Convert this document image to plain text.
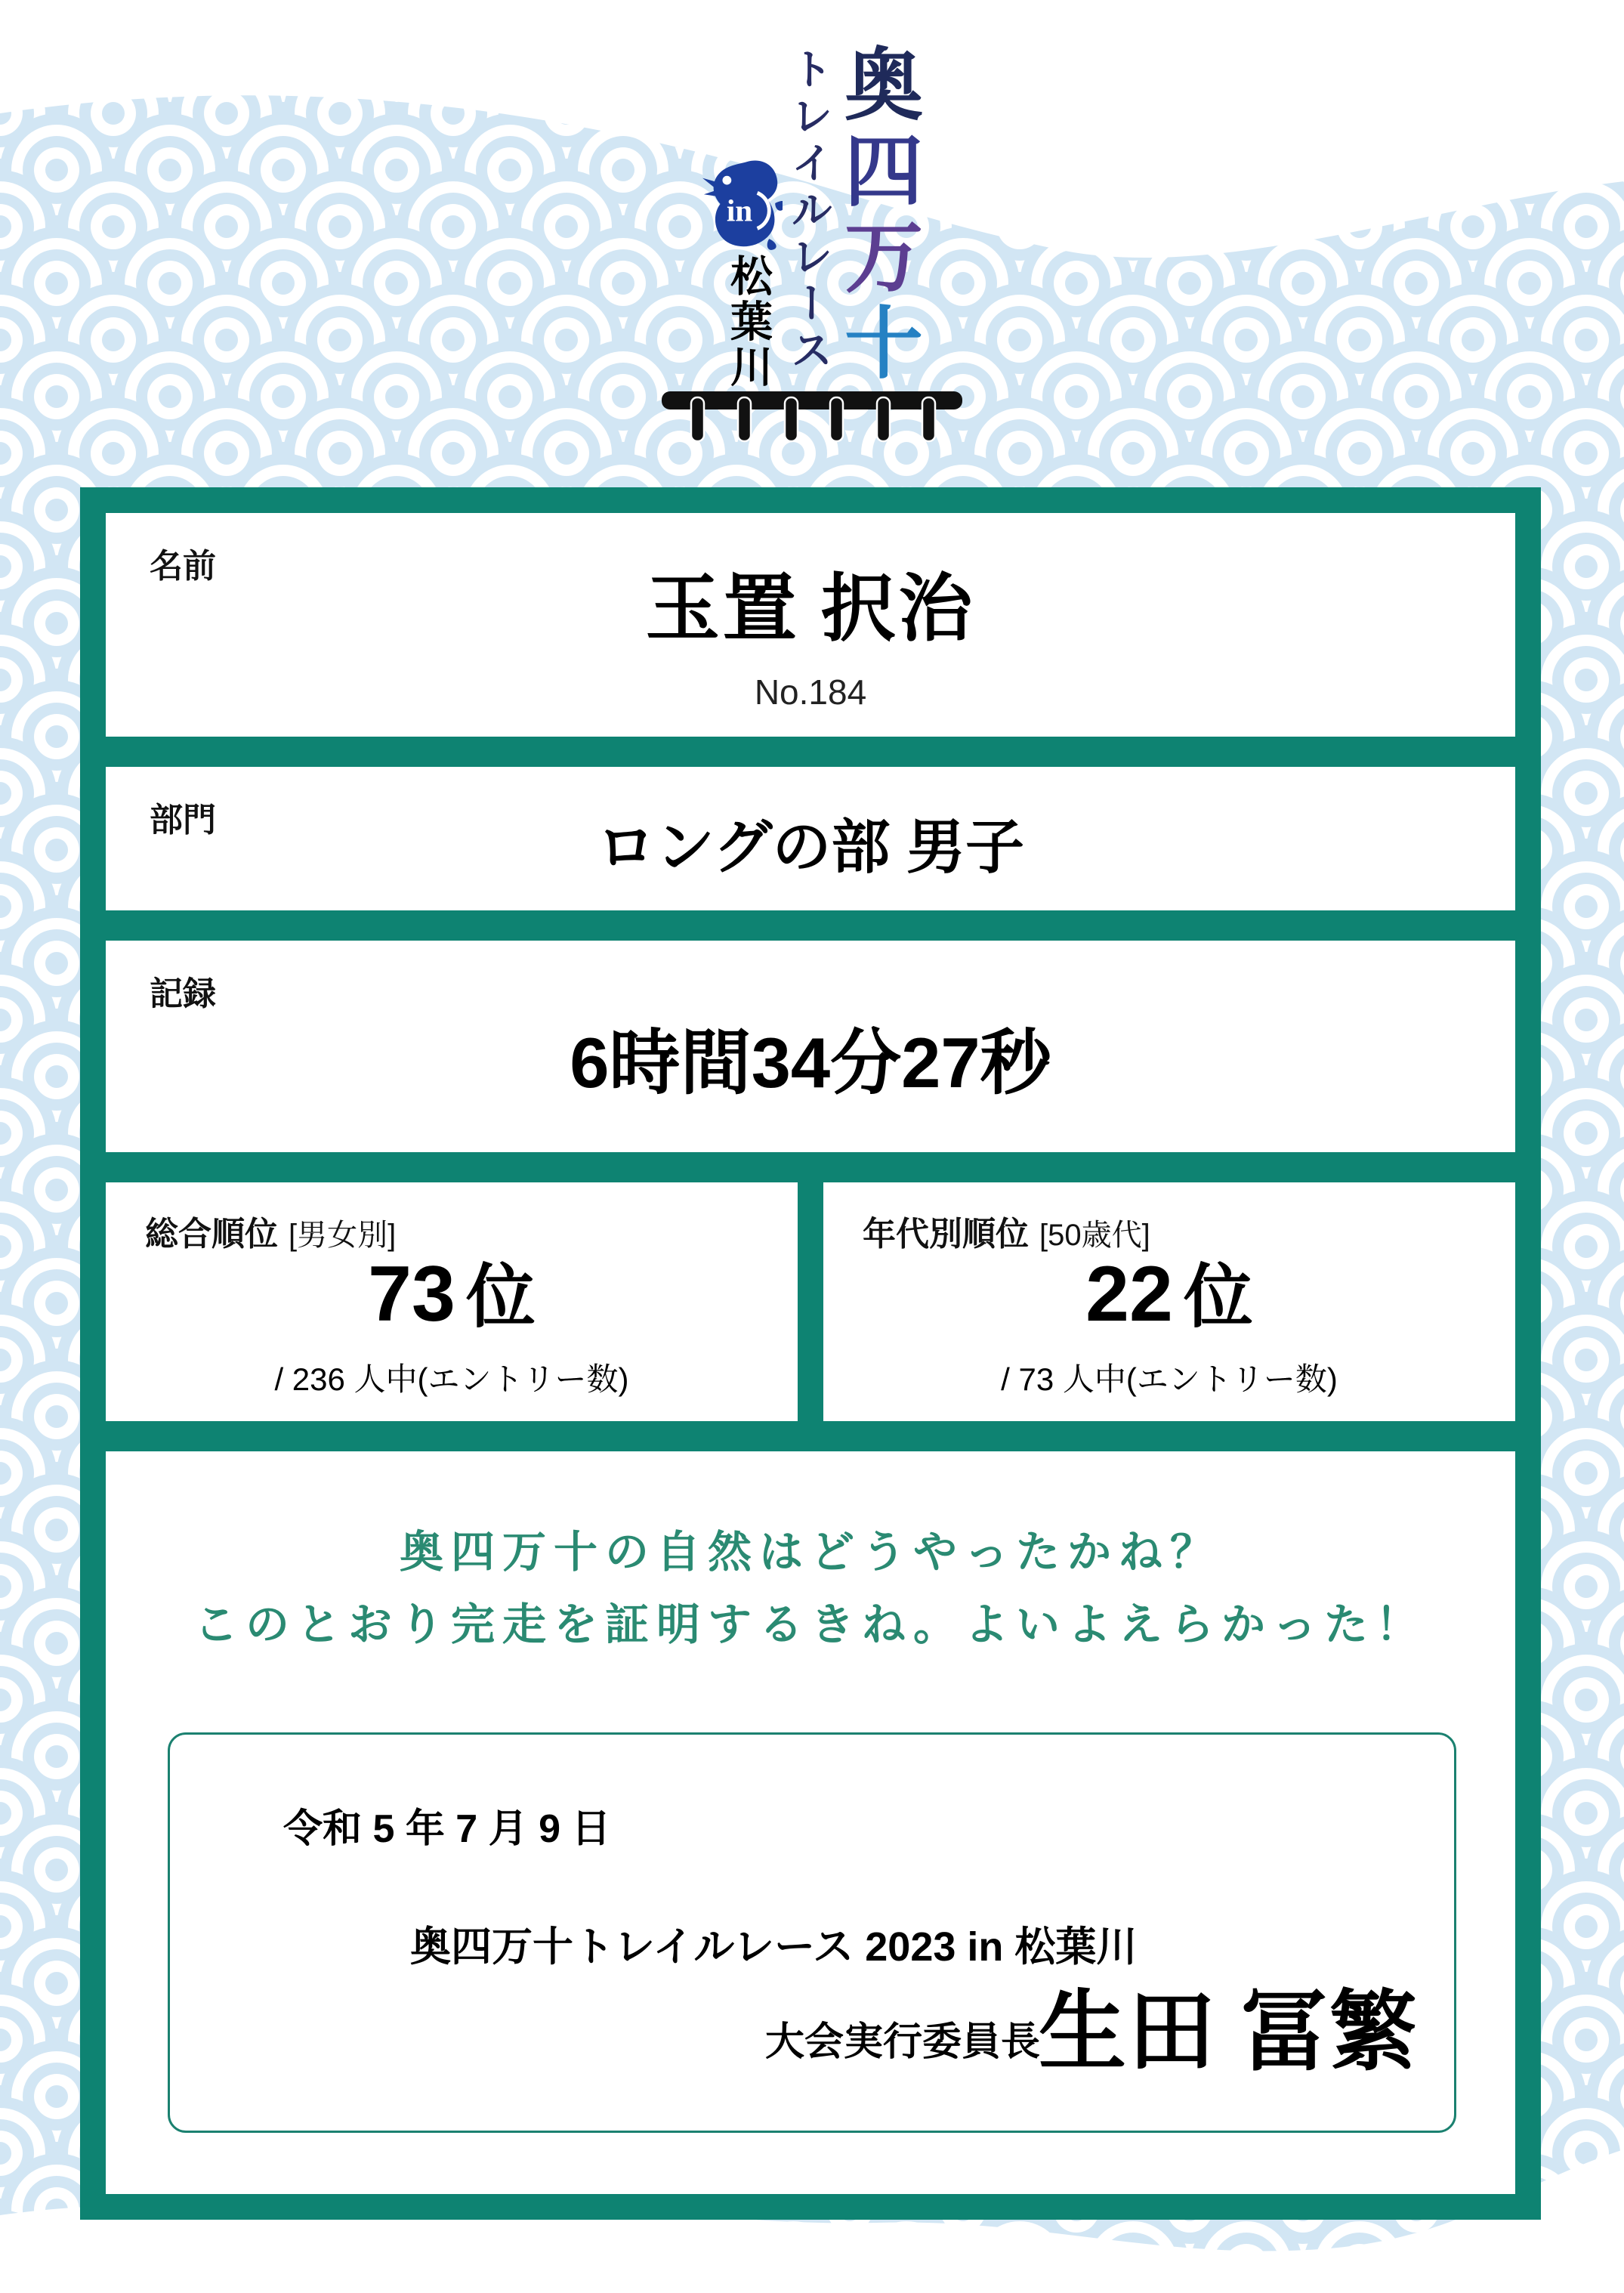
奥
四
万
十
トレイルレース
in
松葉川
名前
玉置 択治
No.184
部門	ロングの部 男子
記録
6時間34分27秒
総合順位 [男女別]
73 位
/ 236 人中(エントリー数)
年代別順位 [50歳代]
22 位
/ 73 人中(エントリー数)
奥四万十の自然はどうやったかね？
このとおり完走を証明するきね。よいよえらかった！
令和 5 年 7 月 9 日
奥四万十トレイルレース 2023 in 松葉川
大会実行委員長
生田 冨繁
